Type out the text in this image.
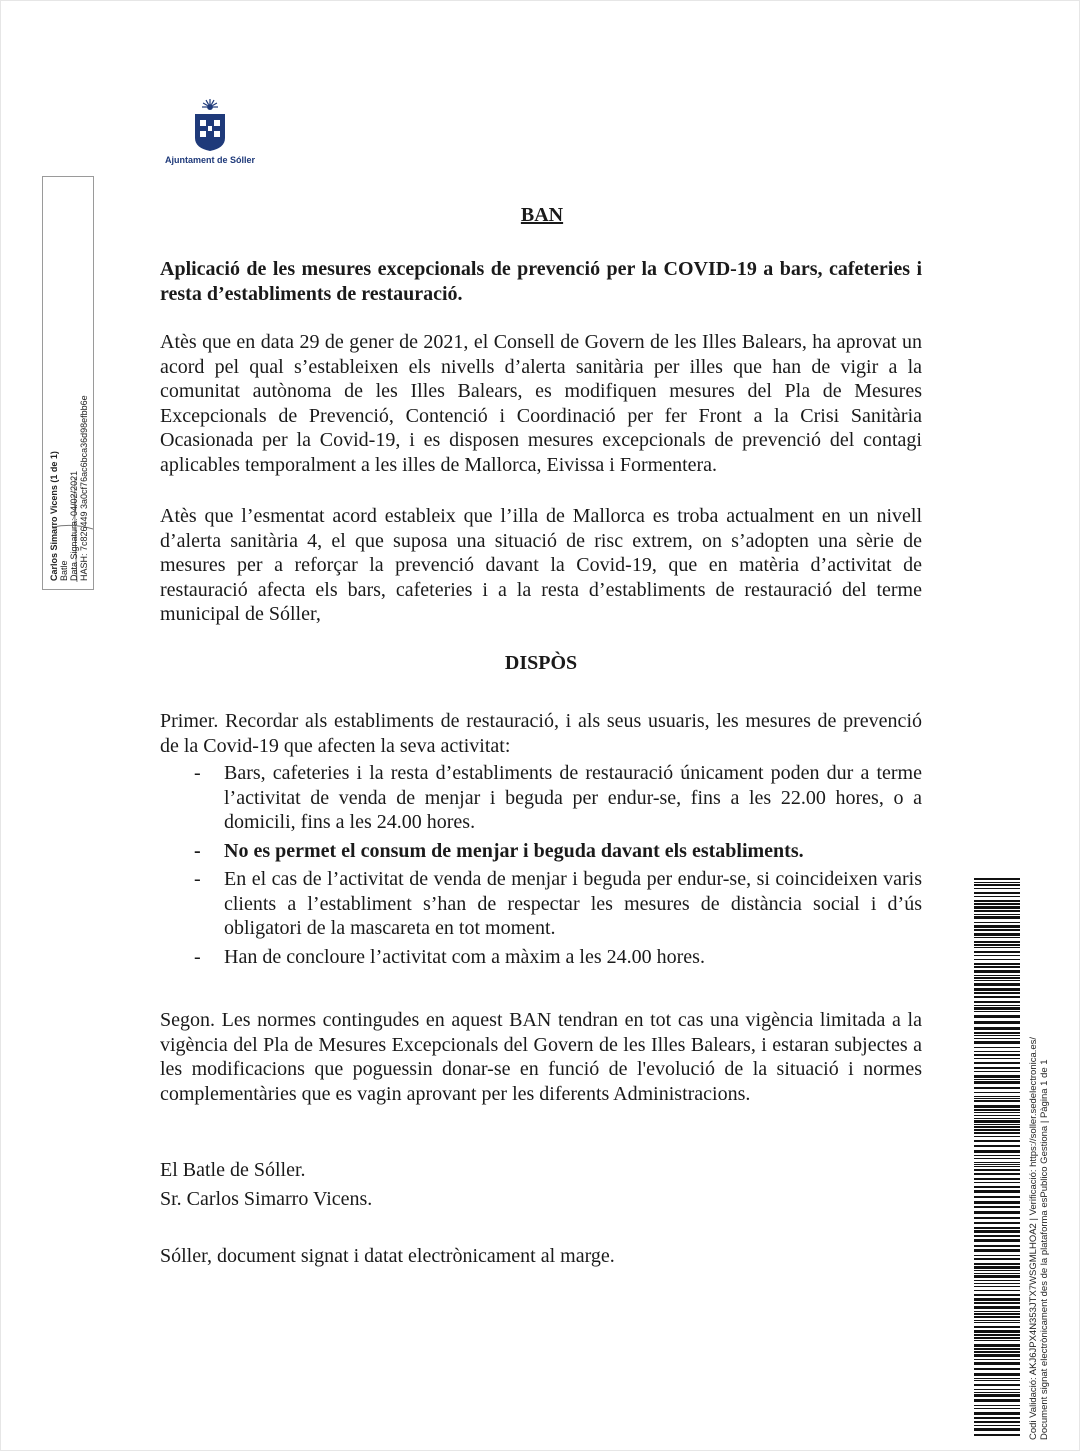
Ajuntament de Sóller
Carlos Simarro Vicens (1 de 1) Batle Data Signatura: 04/02/2021 HASH: 7c826449 3a0cf76ac6bca36d98efbb6e
BAN
Aplicació de les mesures excepcionals de prevenció per la COVID-19 a bars, cafeteries i resta d’establiments de restauració.
Atès que en data 29 de gener de 2021, el Consell de Govern de les Illes Balears, ha aprovat un acord pel qual s’estableixen els nivells d’alerta sanitària per illes que han de vigir a la comunitat autònoma de les Illes Balears, es modifiquen mesures del Pla de Mesures Excepcionals de Prevenció, Contenció i Coordinació per fer Front a la Crisi Sanitària Ocasionada per la Covid-19, i es disposen mesures excepcionals de prevenció del contagi aplicables temporalment a les illes de Mallorca, Eivissa i Formentera.
Atès que l’esmentat acord estableix que l’illa de Mallorca es troba actualment en un nivell d’alerta sanitària 4, el que suposa una situació de risc extrem, on s’adopten una sèrie de mesures per a reforçar la prevenció davant la Covid-19, que en matèria d’activitat de restauració afecta els bars, cafeteries i a la resta d’establiments de restauració del terme municipal de Sóller,
DISPÒS
Primer. Recordar als establiments de restauració, i als seus usuaris, les mesures de prevenció de la Covid-19 que afecten la seva activitat:
- Bars, cafeteries i la resta d’establiments de restauració únicament poden dur a terme l’activitat de venda de menjar i beguda per endur-se, fins a les 22.00 hores, o a domicili, fins a les 24.00 hores.
- No es permet el consum de menjar i beguda davant els establiments.
- En el cas de l’activitat de venda de menjar i beguda per endur-se, si coincideixen varis clients a l’establiment s’han de respectar les mesures de distància social i d’ús obligatori de la mascareta en tot moment.
- Han de concloure l’activitat com a màxim a les 24.00 hores.
Segon. Les normes contingudes en aquest BAN tendran en tot cas una vigència limitada a la vigència del Pla de Mesures Excepcionals del Govern de les Illes Balears, i estaran subjectes a les modificacions que poguessin donar-se en funció de l'evolució de la situació i normes complementàries que es vagin aprovant per les diferents Administracions.
El Batle de Sóller.
Sr. Carlos Simarro Vicens.
Sóller, document signat i datat electrònicament al marge.	Codi Validació: AKJ6JPX4N353JTX7WSGMLHOA2 | Verificació: https://soller.sedelectronica.es/ Document signat electrònicament des de la plataforma esPublico Gestiona | Pàgina 1 de 1
